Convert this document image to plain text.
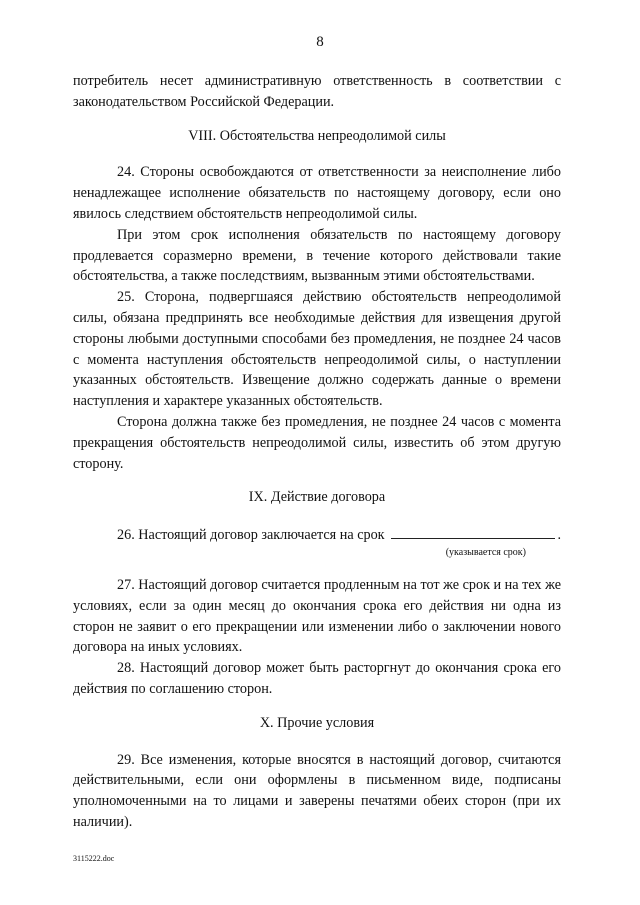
8

потребитель несет административную ответственность в соответствии с законодательством Российской Федерации.

VIII. Обстоятельства непреодолимой силы

24. Стороны освобождаются от ответственности за неисполнение либо ненадлежащее исполнение обязательств по настоящему договору, если оно явилось следствием обстоятельств непреодолимой силы.

При этом срок исполнения обязательств по настоящему договору продлевается соразмерно времени, в течение которого действовали такие обстоятельства, а также последствиям, вызванным этими обстоятельствами.

25. Сторона, подвергшаяся действию обстоятельств непреодолимой силы, обязана предпринять все необходимые действия для извещения другой стороны любыми доступными способами без промедления, не позднее 24 часов с момента наступления обстоятельств непреодолимой силы, о наступлении указанных обстоятельств. Извещение должно содержать данные о времени наступления и характере указанных обстоятельств.

Сторона должна также без промедления, не позднее 24 часов с момента прекращения обстоятельств непреодолимой силы, известить об этом другую сторону.

IX. Действие договора

26. Настоящий договор заключается на срок	.

(указывается срок)

27. Настоящий договор считается продленным на тот же срок и на тех же условиях, если за один месяц до окончания срока его действия ни одна из сторон не заявит о его прекращении или изменении либо о заключении нового договора на иных условиях.

28. Настоящий договор может быть расторгнут до окончания срока его действия по соглашению сторон.

X. Прочие условия

29. Все изменения, которые вносятся в настоящий договор, считаются действительными, если они оформлены в письменном виде, подписаны уполномоченными на то лицами и заверены печатями обеих сторон (при их наличии).

3115222.doc
